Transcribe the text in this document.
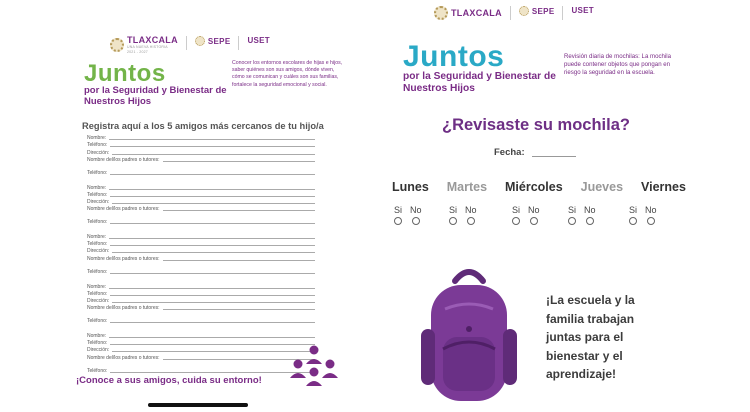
TLAXCALA
UNA NUEVA HISTORIA
2021 - 2027
SEPE USET
Juntos
por la Seguridad y Bienestar de Nuestros Hijos
Conocer los entornos escolares de hijas e hijos, saber quiénes son sus amigos, dónde viven, cómo se comunican y cuáles son sus familias, fortalece la seguridad emocional y social.
Registra aquí a los 5 amigos más cercanos de tu hijo/a
Nombre:
Teléfono:
Dirección:
Nombre del/los padres o tutores:
Teléfono:
Nombre:
Teléfono:
Dirección:
Nombre del/los padres o tutores:
Teléfono:
Nombre:
Teléfono:
Dirección:
Nombre del/los padres o tutores:
Teléfono:
Nombre:
Teléfono:
Dirección:
Nombre del/los padres o tutores:
Teléfono:
Nombre:
Teléfono:
Dirección:
Nombre del/los padres o tutores:
Teléfono:
¡Conoce a sus amigos, cuida su entorno!
TLAXCALA	SEPE USET
Juntos
por la Seguridad y Bienestar de Nuestros Hijos
Revisión diaria de mochilas: La mochila puede contener objetos que pongan en riesgo la seguridad en la escuela.
¿Revisaste su mochila?
Fecha:
Lunes Martes Miércoles Jueves Viernes
Si No	Si No	Si No	Si No	Si No
¡La escuela y la familia trabajan juntas para el bienestar y el aprendizaje!
